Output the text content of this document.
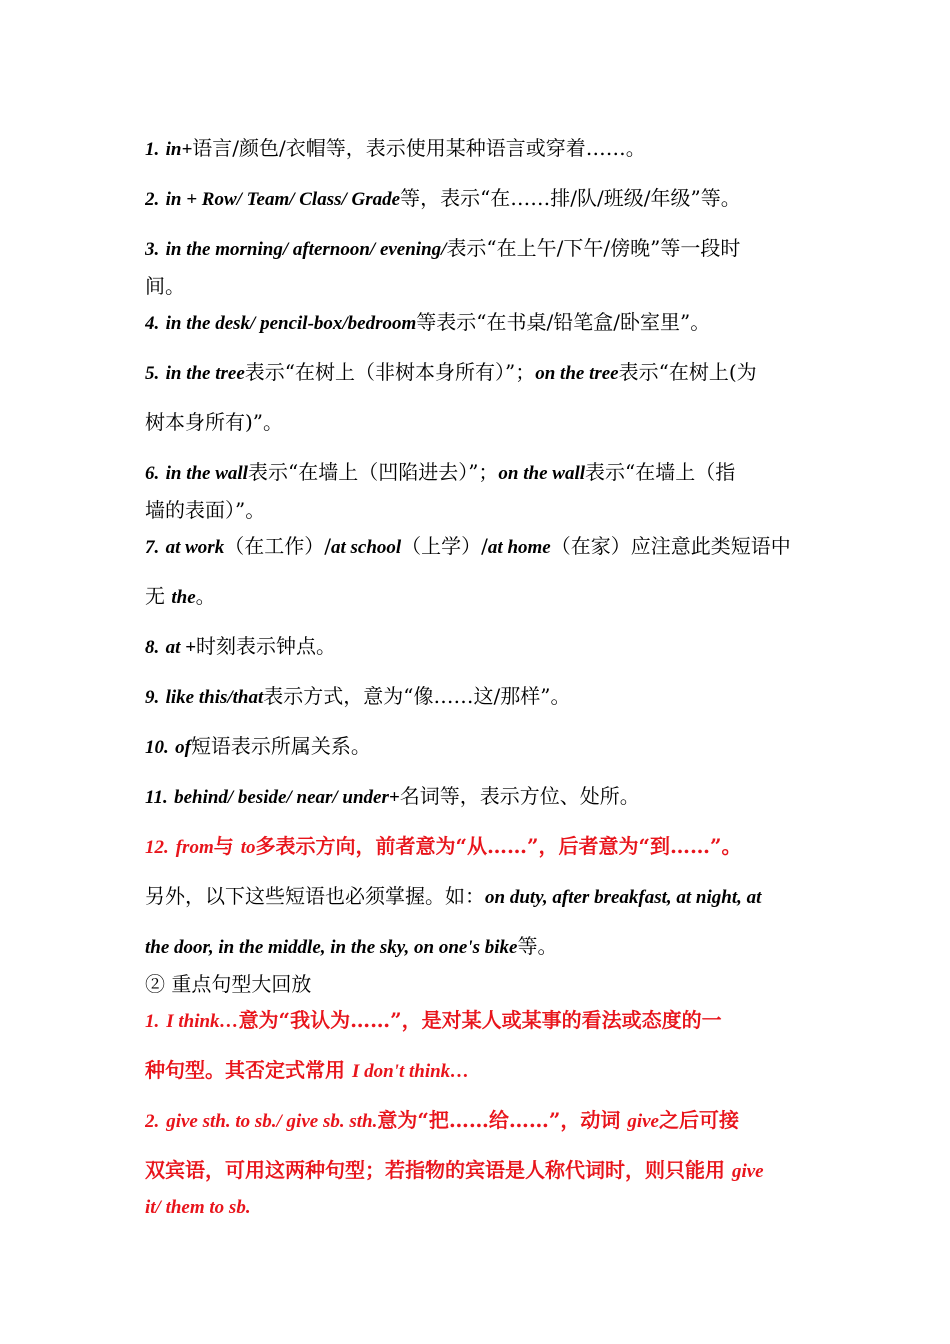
1. in+语言/颜色/衣帽等，表示使用某种语言或穿着……。
2. in + Row/ Team/ Class/ Grade等，表示“在……排/队/班级/年级”等。
3. in the morning/ afternoon/ evening/表示“在上午/下午/傍晚”等一段时
间。
4. in the desk/ pencil-box/bedroom等表示“在书桌/铅笔盒/卧室里”。
5. in the tree表示“在树上（非树本身所有）”；on the tree表示“在树上(为
树本身所有)”。
6. in the wall表示“在墙上（凹陷进去）”；on the wall表示“在墙上（指
墙的表面）”。
7. at work（在工作）/at school（上学）/at home（在家）应注意此类短语中
无 the。
8. at +时刻表示钟点。
9. like this/that表示方式，意为“像……这/那样”。
10. of短语表示所属关系。
11. behind/ beside/ near/ under+名词等，表示方位、处所。
12. from与 to多表示方向，前者意为“从……”，后者意为“到……”。
另外，以下这些短语也必须掌握。如：on duty, after breakfast, at night, at
the door, in the middle, in the sky, on one's bike等。
② 重点句型大回放
1. I think…意为“我认为……”，是对某人或某事的看法或态度的一
种句型。其否定式常用 I don't think…
2. give sth. to sb./ give sb. sth.意为“把……给……”，动词 give之后可接
双宾语，可用这两种句型；若指物的宾语是人称代词时，则只能用 give
it/ them to sb.
